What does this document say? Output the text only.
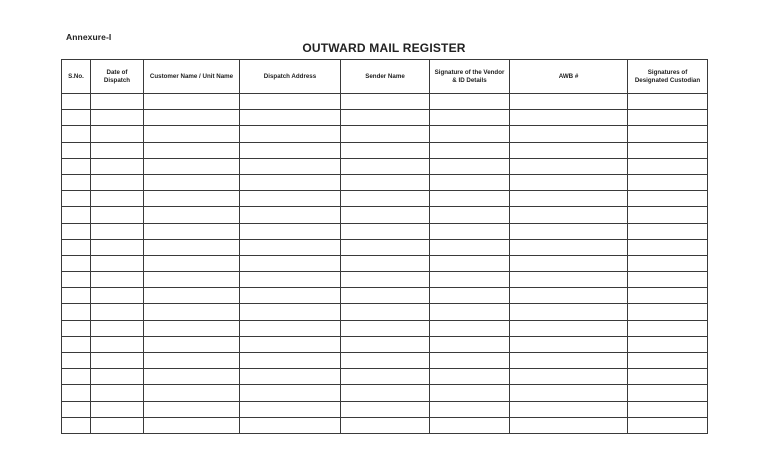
Annexure-I
OUTWARD MAIL REGISTER
S.No.	Date of Dispatch	Customer Name / Unit Name	Dispatch Address	Sender Name	Signature of the Vendor & ID Details	AWB #	Signatures of Designated Custodian
